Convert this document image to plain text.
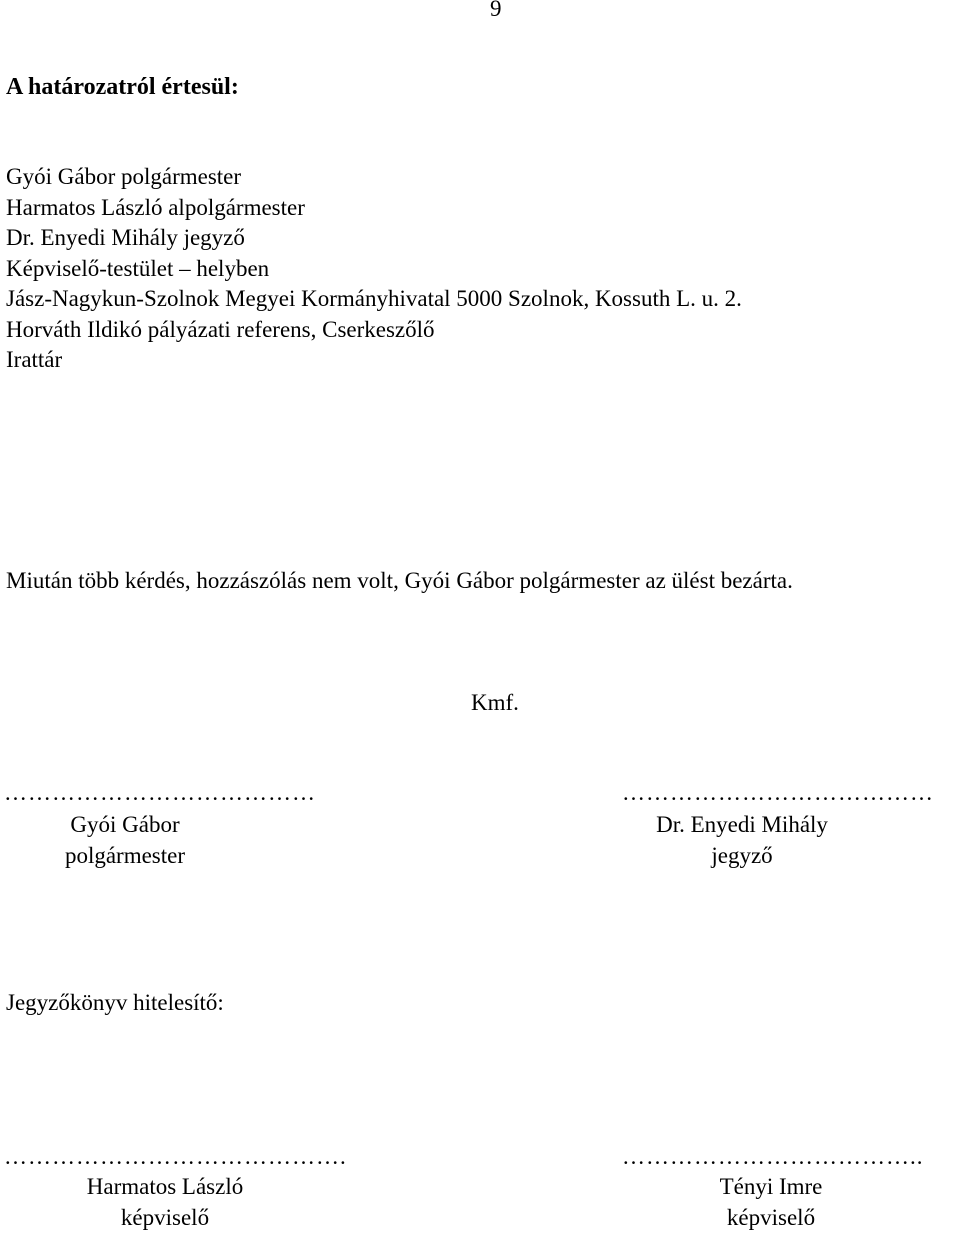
9
A határozatról értesül:
Gyói Gábor polgármester
Harmatos László alpolgármester
Dr. Enyedi Mihály jegyző
Képviselő-testület – helyben
Jász-Nagykun-Szolnok Megyei Kormányhivatal 5000 Szolnok, Kossuth L. u. 2.
Horváth Ildikó pályázati referens, Cserkeszőlő
Irattár
Miután több kérdés, hozzászólás nem volt, Gyói Gábor polgármester az ülést bezárta.
Kmf.
…………………………………
Gyói Gábor
polgármester
…………………………………
Dr. Enyedi Mihály
jegyző
Jegyzőkönyv hitelesítő:
…………………………………….
Harmatos László
képviselő
………………………………..
Tényi Imre
képviselő
